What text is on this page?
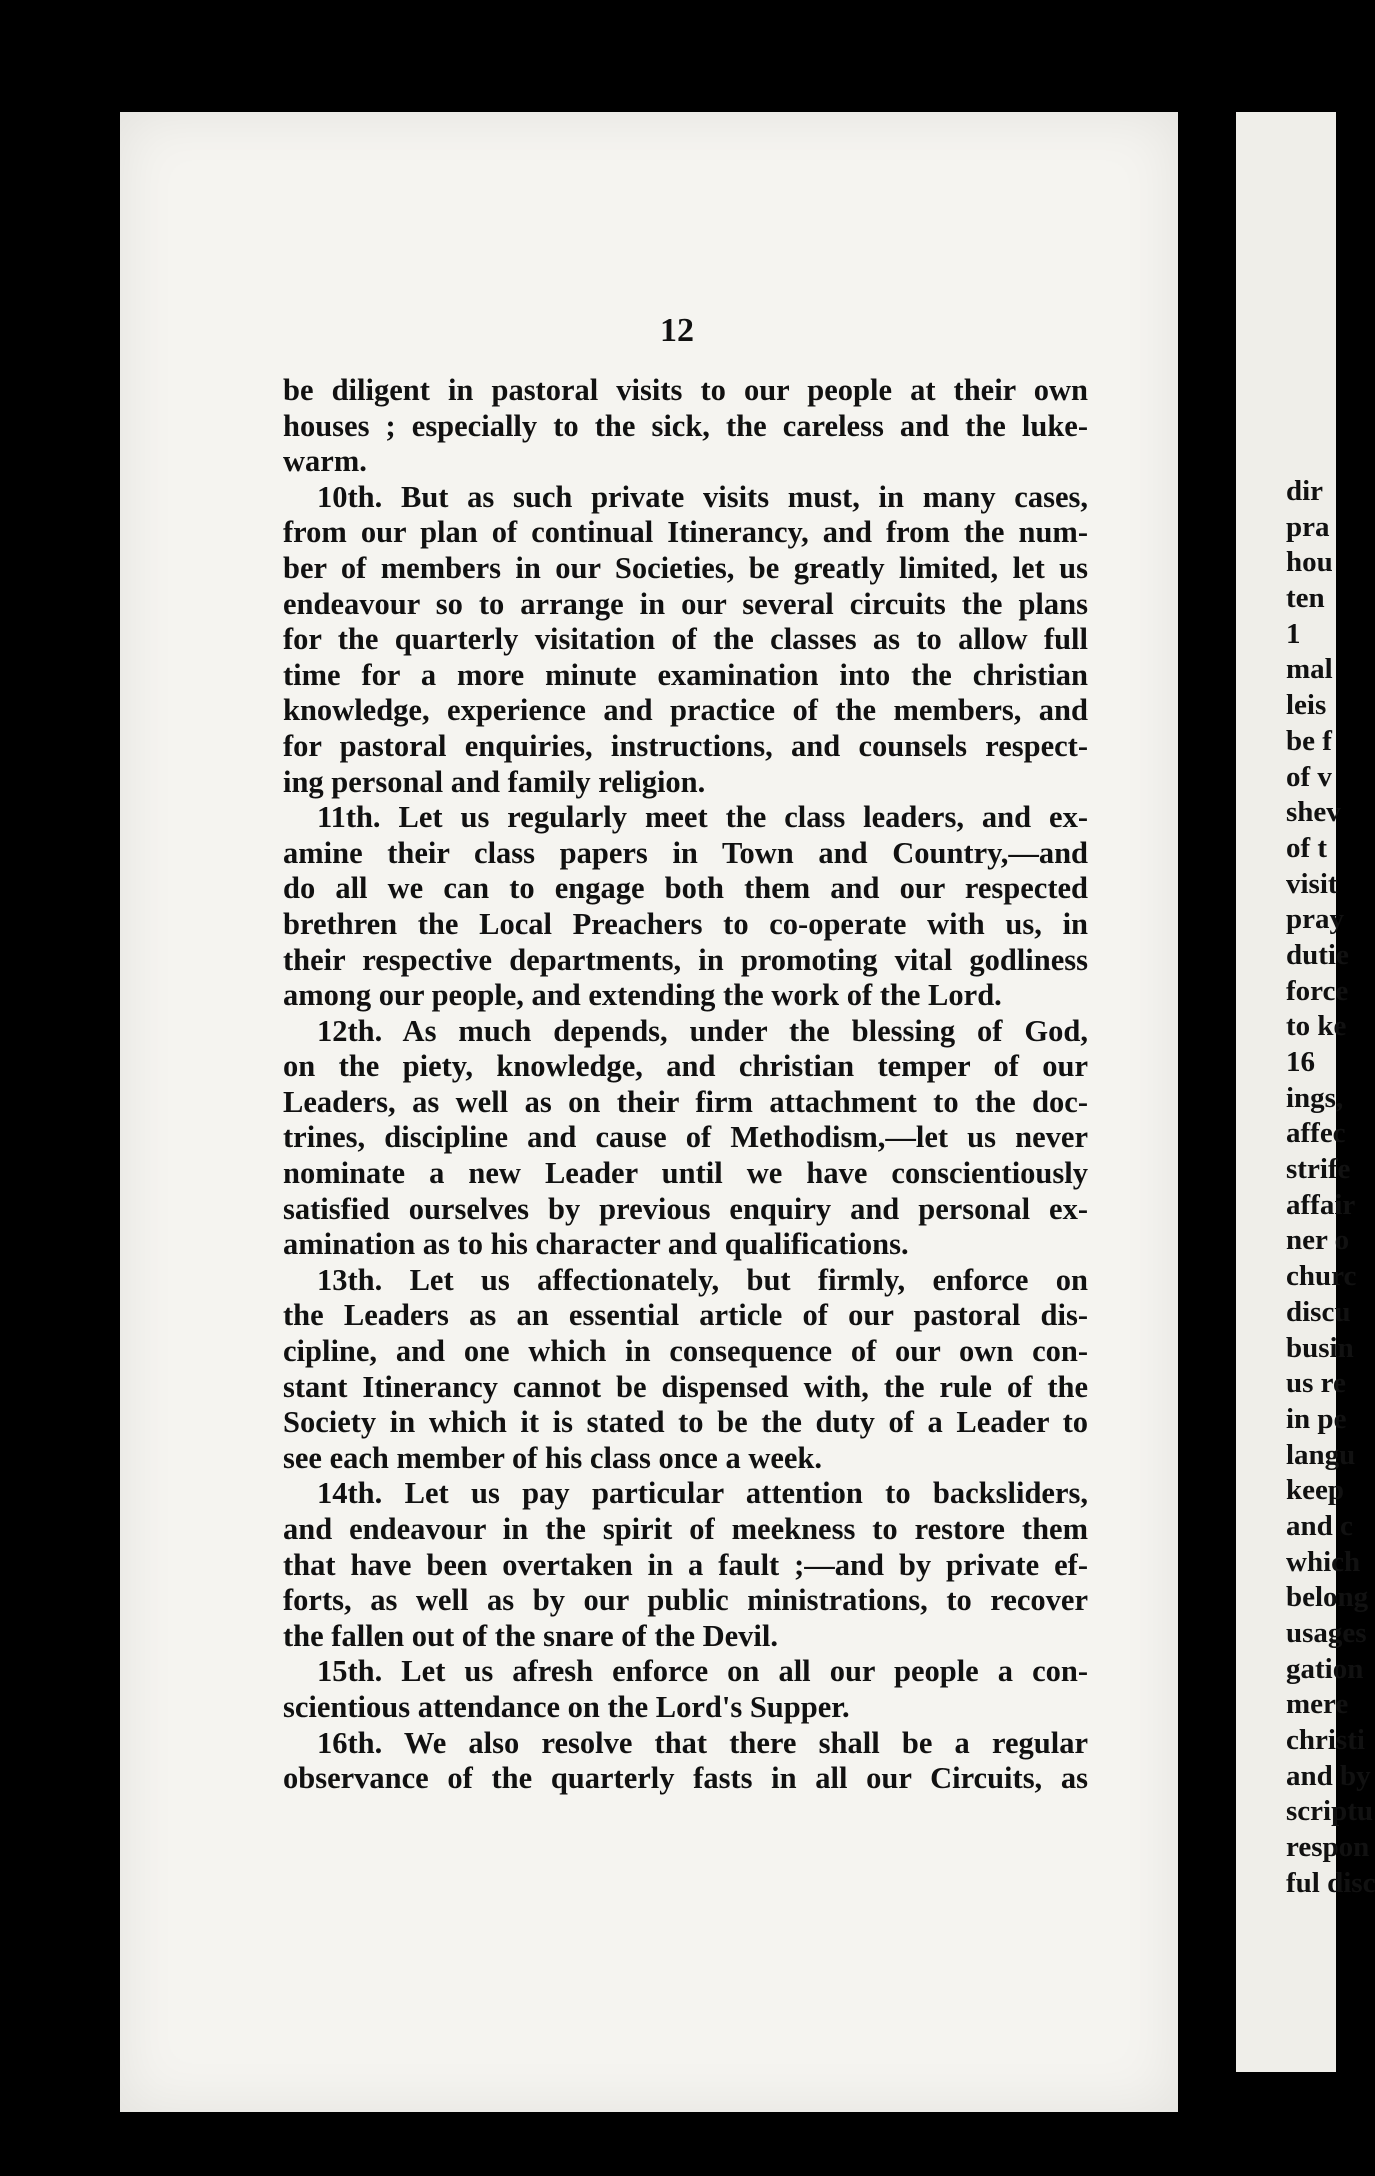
12
be diligent in pastoral visits to our people at their own
houses ; especially to the sick, the careless and the luke-
warm.
10th. But as such private visits must, in many cases,
from our plan of continual Itinerancy, and from the num-
ber of members in our Societies, be greatly limited, let us
endeavour so to arrange in our several circuits the plans
for the quarterly visitation of the classes as to allow full
time for a more minute examination into the christian
knowledge, experience and practice of the members, and
for pastoral enquiries, instructions, and counsels respect-
ing personal and family religion.
11th. Let us regularly meet the class leaders, and ex-
amine their class papers in Town and Country,—and
do all we can to engage both them and our respected
brethren the Local Preachers to co-operate with us, in
their respective departments, in promoting vital godliness
among our people, and extending the work of the Lord.
12th. As much depends, under the blessing of God,
on the piety, knowledge, and christian temper of our
Leaders, as well as on their firm attachment to the doc-
trines, discipline and cause of Methodism,—let us never
nominate a new Leader until we have conscientiously
satisfied ourselves by previous enquiry and personal ex-
amination as to his character and qualifications.
13th. Let us affectionately, but firmly, enforce on
the Leaders as an essential article of our pastoral dis-
cipline, and one which in consequence of our own con-
stant Itinerancy cannot be dispensed with, the rule of the
Society in which it is stated to be the duty of a Leader to
see each member of his class once a week.
14th. Let us pay particular attention to backsliders,
and endeavour in the spirit of meekness to restore them
that have been overtaken in a fault ;—and by private ef-
forts, as well as by our public ministrations, to recover
the fallen out of the snare of the Devil.
15th. Let us afresh enforce on all our people a con-
scientious attendance on the Lord's Supper.
16th. We also resolve that there shall be a regular
observance of the quarterly fasts in all our Circuits, as
dir
pra
hou
ten
1
mal
leis
be f
of v
shev
of t
visit
pray
dutie
force
to ke
16
ings,
affec
strife
affair
ner o
churc
discu
busin
us re
in pe
langu
keep
and c
which
belong
usages
gation
mere
christi
and by
scriptu
respon
ful disc
